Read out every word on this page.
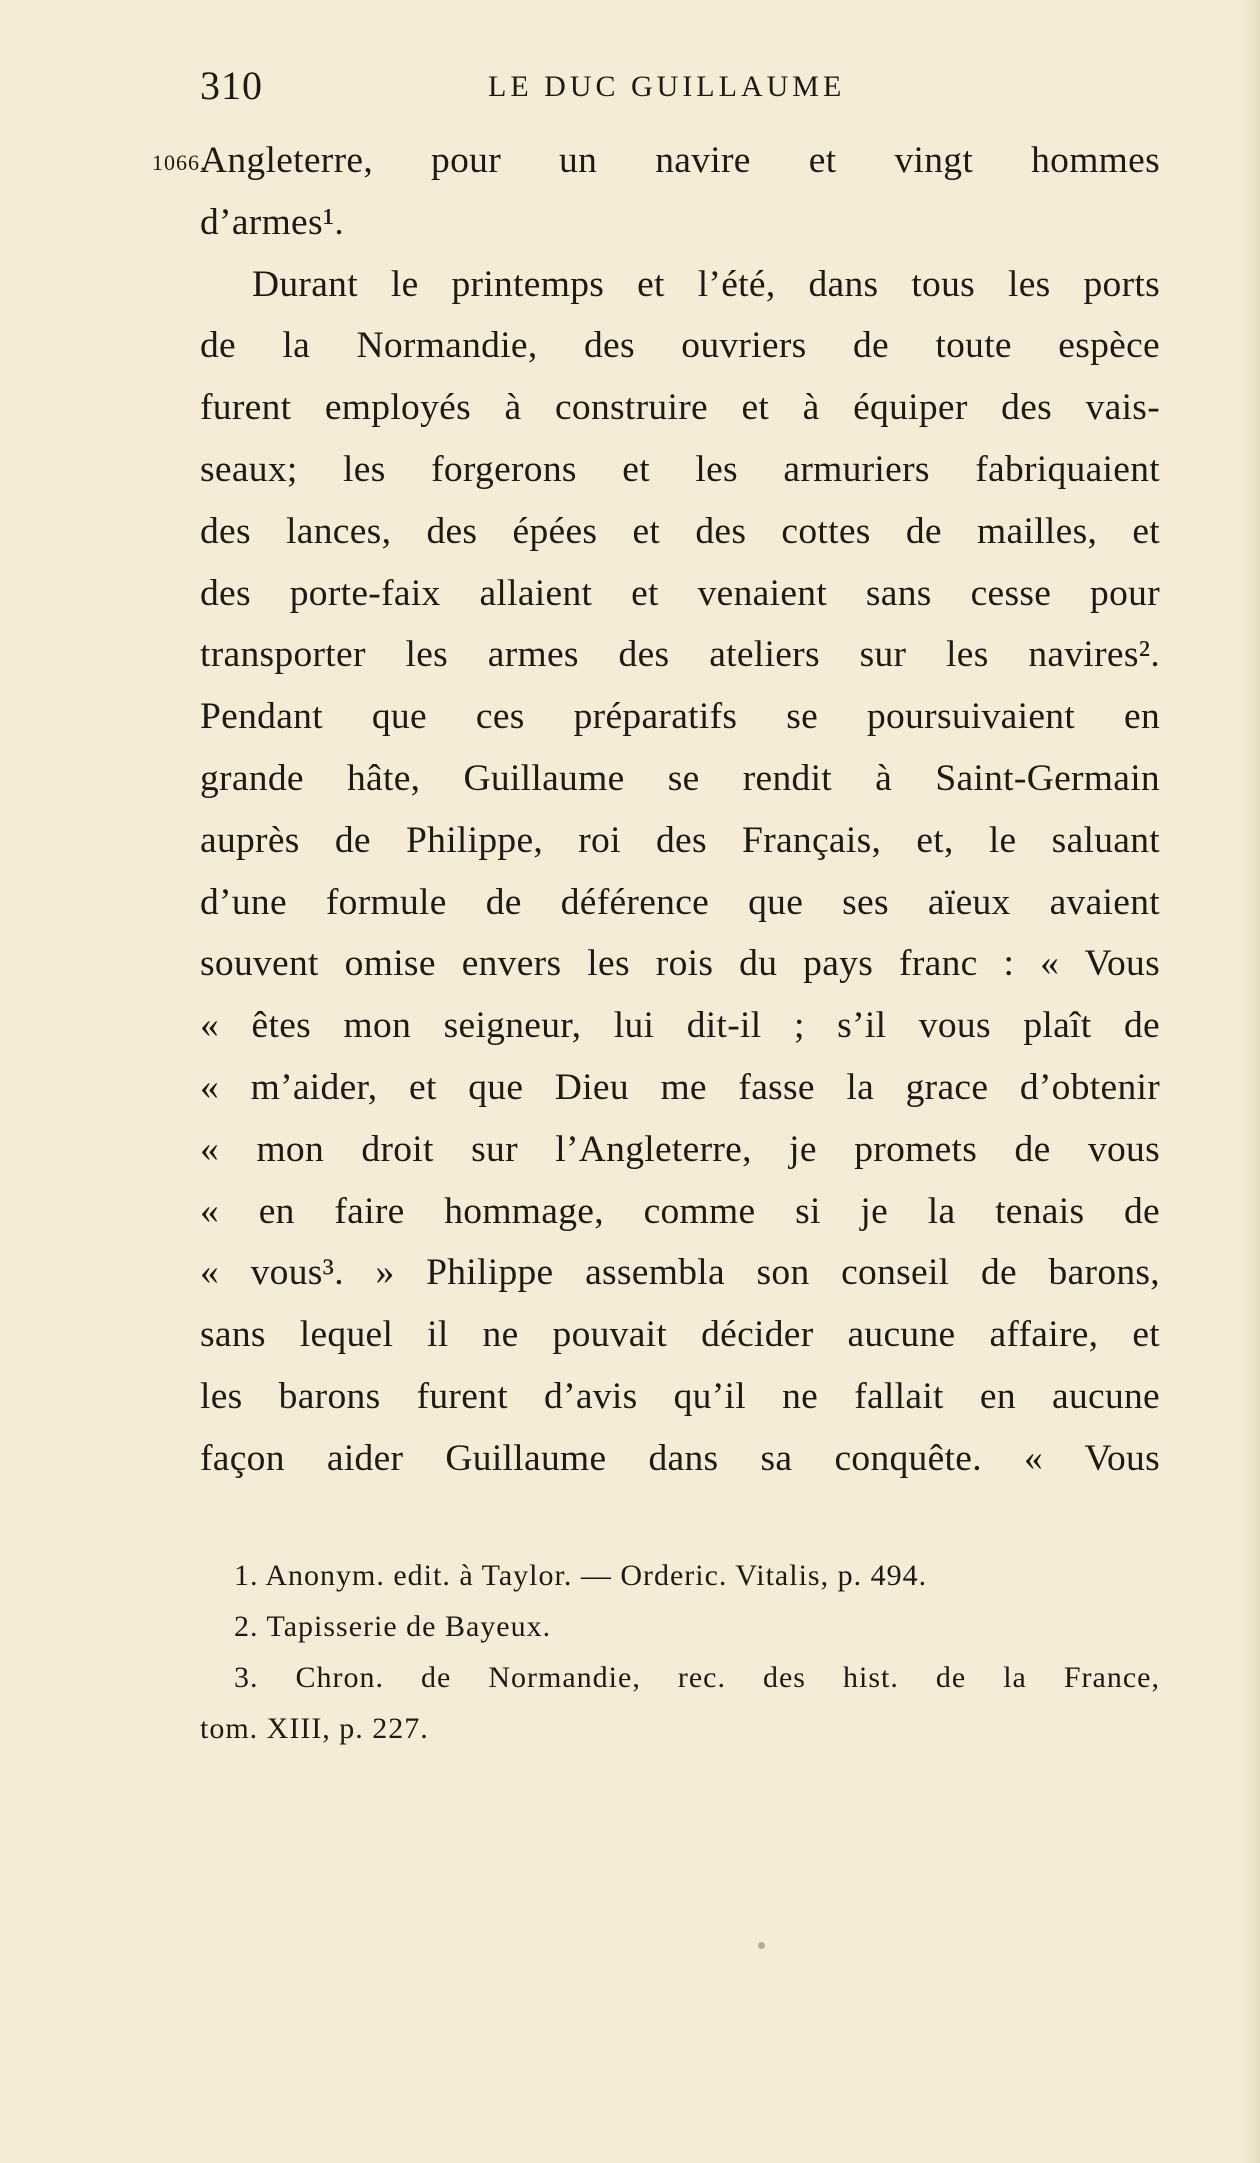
310	LE DUC GUILLAUME
1066.
Angleterre, pour un navire et vingt hommes
d’armes¹.
Durant le printemps et l’été, dans tous les ports
de la Normandie, des ouvriers de toute espèce
furent employés à construire et à équiper des vais-
seaux; les forgerons et les armuriers fabriquaient
des lances, des épées et des cottes de mailles, et
des porte-faix allaient et venaient sans cesse pour
transporter les armes des ateliers sur les navires².
Pendant que ces préparatifs se poursuivaient en
grande hâte, Guillaume se rendit à Saint-Germain
auprès de Philippe, roi des Français, et, le saluant
d’une formule de déférence que ses aïeux avaient
souvent omise envers les rois du pays franc : « Vous
« êtes mon seigneur, lui dit-il ; s’il vous plaît de
« m’aider, et que Dieu me fasse la grace d’obtenir
« mon droit sur l’Angleterre, je promets de vous
« en faire hommage, comme si je la tenais de
« vous³. » Philippe assembla son conseil de barons,
sans lequel il ne pouvait décider aucune affaire, et
les barons furent d’avis qu’il ne fallait en aucune
façon aider Guillaume dans sa conquête. « Vous
1. Anonym. edit. à Taylor. — Orderic. Vitalis, p. 494.
2. Tapisserie de Bayeux.
3. Chron. de Normandie, rec. des hist. de la France,
tom. XIII, p. 227.
